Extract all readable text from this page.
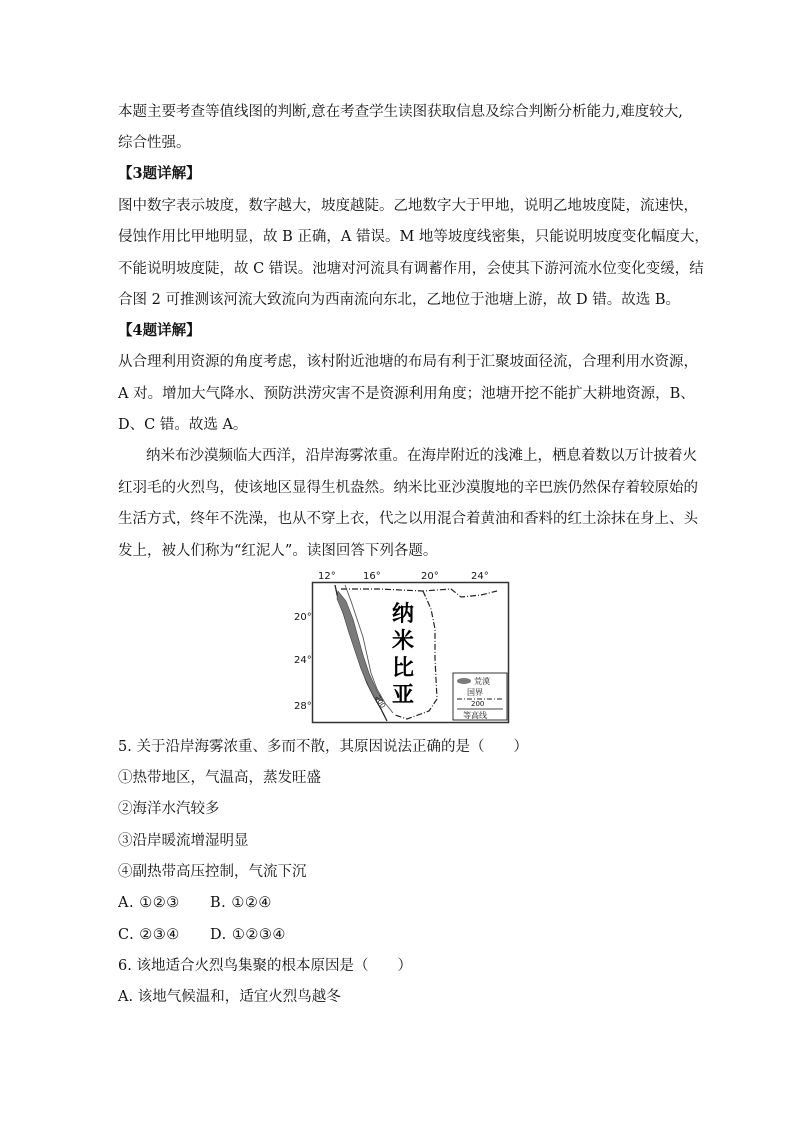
本题主要考查等值线图的判断,意在考查学生读图获取信息及综合判断分析能力,难度较大,
综合性强。
【3题详解】
图中数字表示坡度，数字越大，坡度越陡。乙地数字大于甲地，说明乙地坡度陡，流速快，
侵蚀作用比甲地明显，故 B 正确，A 错误。M 地等坡度线密集，只能说明坡度变化幅度大，
不能说明坡度陡，故 C 错误。池塘对河流具有调蓄作用，会使其下游河流水位变化变缓，结
合图 2 可推测该河流大致流向为西南流向东北，乙地位于池塘上游，故 D 错。故选 B。
【4题详解】
从合理利用资源的角度考虑，该村附近池塘的布局有利于汇聚坡面径流，合理利用水资源，
A 对。增加大气降水、预防洪涝灾害不是资源利用角度；池塘开挖不能扩大耕地资源，B、
D、C 错。故选 A。
纳米布沙漠频临大西洋，沿岸海雾浓重。在海岸附近的浅滩上，栖息着数以万计披着火
红羽毛的火烈鸟，使该地区显得生机盎然。纳米比亚沙漠腹地的辛巴族仍然保存着较原始的
生活方式，终年不洗澡，也从不穿上衣，代之以用混合着黄油和香料的红土涂抹在身上、头
发上，被人们称为“红泥人”。读图回答下列各题。
12°	16°	20°	24°
20°
24°
28°	200
纳
米
比
亚
荒漠
国界
200
等高线
5. 关于沿岸海雾浓重、多而不散，其原因说法正确的是（　　）
①热带地区，气温高，蒸发旺盛
②海洋水汽较多
③沿岸暖流增湿明显
④副热带高压控制，气流下沉
A. ①②③ B. ①②④
C. ②③④ D. ①②③④
6. 该地适合火烈鸟集聚的根本原因是（　　）
A. 该地气候温和，适宜火烈鸟越冬
